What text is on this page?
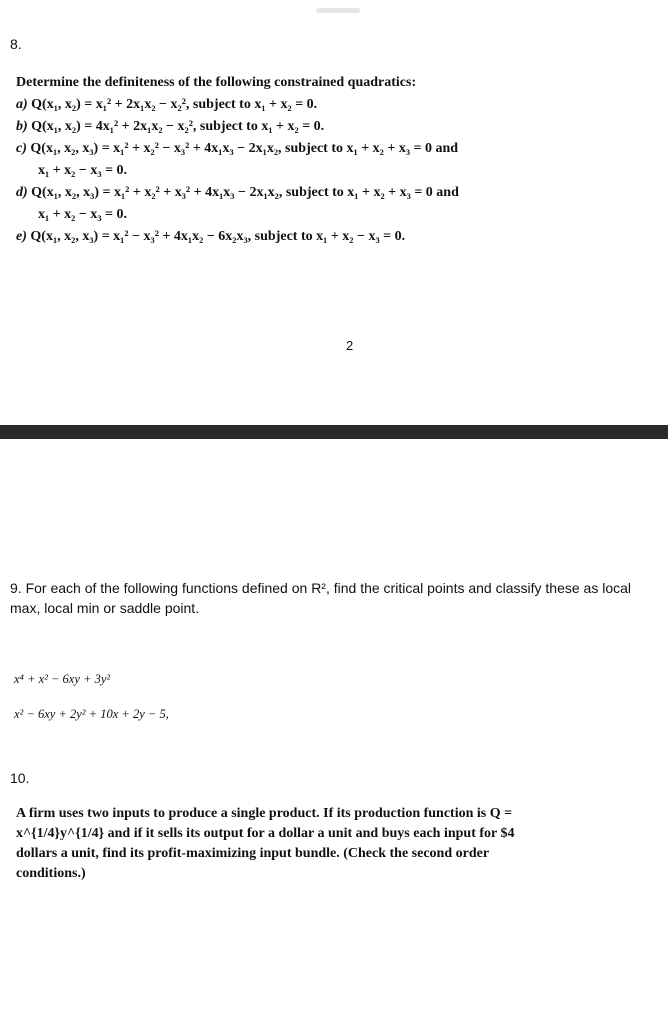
8.
Determine the definiteness of the following constrained quadratics:
a) Q(x₁, x₂) = x₁² + 2x₁x₂ − x₂², subject to x₁ + x₂ = 0.
b) Q(x₁, x₂) = 4x₁² + 2x₁x₂ − x₂², subject to x₁ + x₂ = 0.
c) Q(x₁, x₂, x₃) = x₁² + x₂² − x₃² + 4x₁x₃ − 2x₁x₂, subject to x₁ + x₂ + x₃ = 0 and
x₁ + x₂ − x₃ = 0.
d) Q(x₁, x₂, x₃) = x₁² + x₂² + x₃² + 4x₁x₃ − 2x₁x₂, subject to x₁ + x₂ + x₃ = 0 and
x₁ + x₂ − x₃ = 0.
e) Q(x₁, x₂, x₃) = x₁² − x₃² + 4x₁x₂ − 6x₂x₃, subject to x₁ + x₂ − x₃ = 0.
2
9. For each of the following functions defined on R², find the critical points and classify these as local max, local min or saddle point.
x⁴ + x² − 6xy + 3y²
x² − 6xy + 2y² + 10x + 2y − 5,
10.
A firm uses two inputs to produce a single product. If its production function is Q = x^{1/4}y^{1/4} and if it sells its output for a dollar a unit and buys each input for $4 dollars a unit, find its profit-maximizing input bundle. (Check the second order conditions.)
